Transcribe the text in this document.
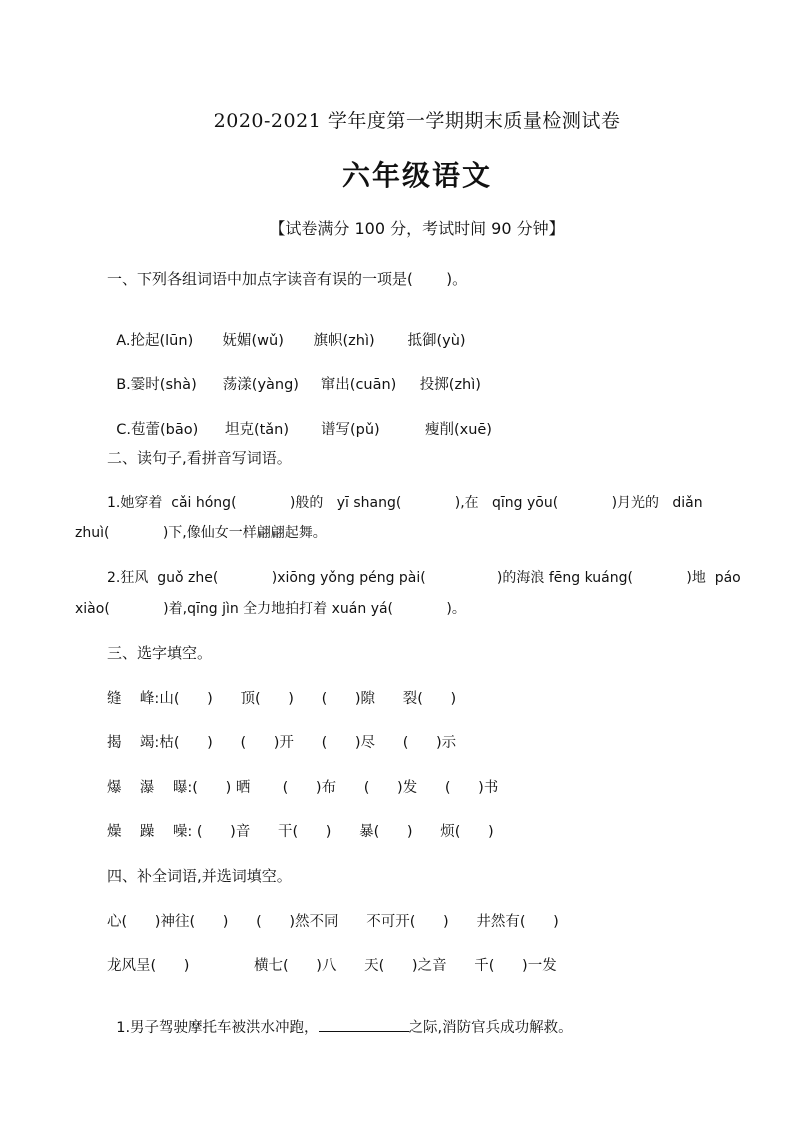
2020-2021 学年度第一学期期末质量检测试卷
六年级语文
【试卷满分 100 分，考试时间 90 分钟】
一、下列各组词语中加点字读音有误的一项是(       )。

A.抡起(lūn) 妩媚(wǔ) 旗帜(zhì) 抵御(yù)

B.霎时(shà) 荡漾(yàng) 窜出(cuān) 投掷(zhì)

C.苞蕾(bāo) 坦克(tǎn) 谱写(pǔ)	瘦削(xuē)

二、读句子,看拼音写词语。
1.她穿着  cǎi hóng(            )般的   yī shang(            ),在   qīng yōu(            )月光的   diǎn
zhuì(            )下,像仙女一样翩翩起舞。
2.狂风  guǒ zhe(            )xiōng yǒng péng pài(                )的海浪 fēng kuáng(            )地  páo
xiào(            )着,qīng jìn 全力地拍打着 xuán yá(            )。
三、选字填空。
缝    峰:山(      )      顶(      )      (      )隙      裂(      )
揭    竭:枯(      )      (      )开      (      )尽      (      )示
爆    瀑    曝:(      ) 晒       (      )布      (      )发      (      )书
燥    躁    噪: (      )音      干(      )      暴(      )      烦(      )
四、补全词语,并选词填空。
心(      )神往(      )      (      )然不同      不可开(      )      井然有(      )
龙风呈(      )              横七(      )八      天(      )之音      千(      )一发

1.男子驾驶摩托车被洪水冲跑，	之际,消防官兵成功解救。
